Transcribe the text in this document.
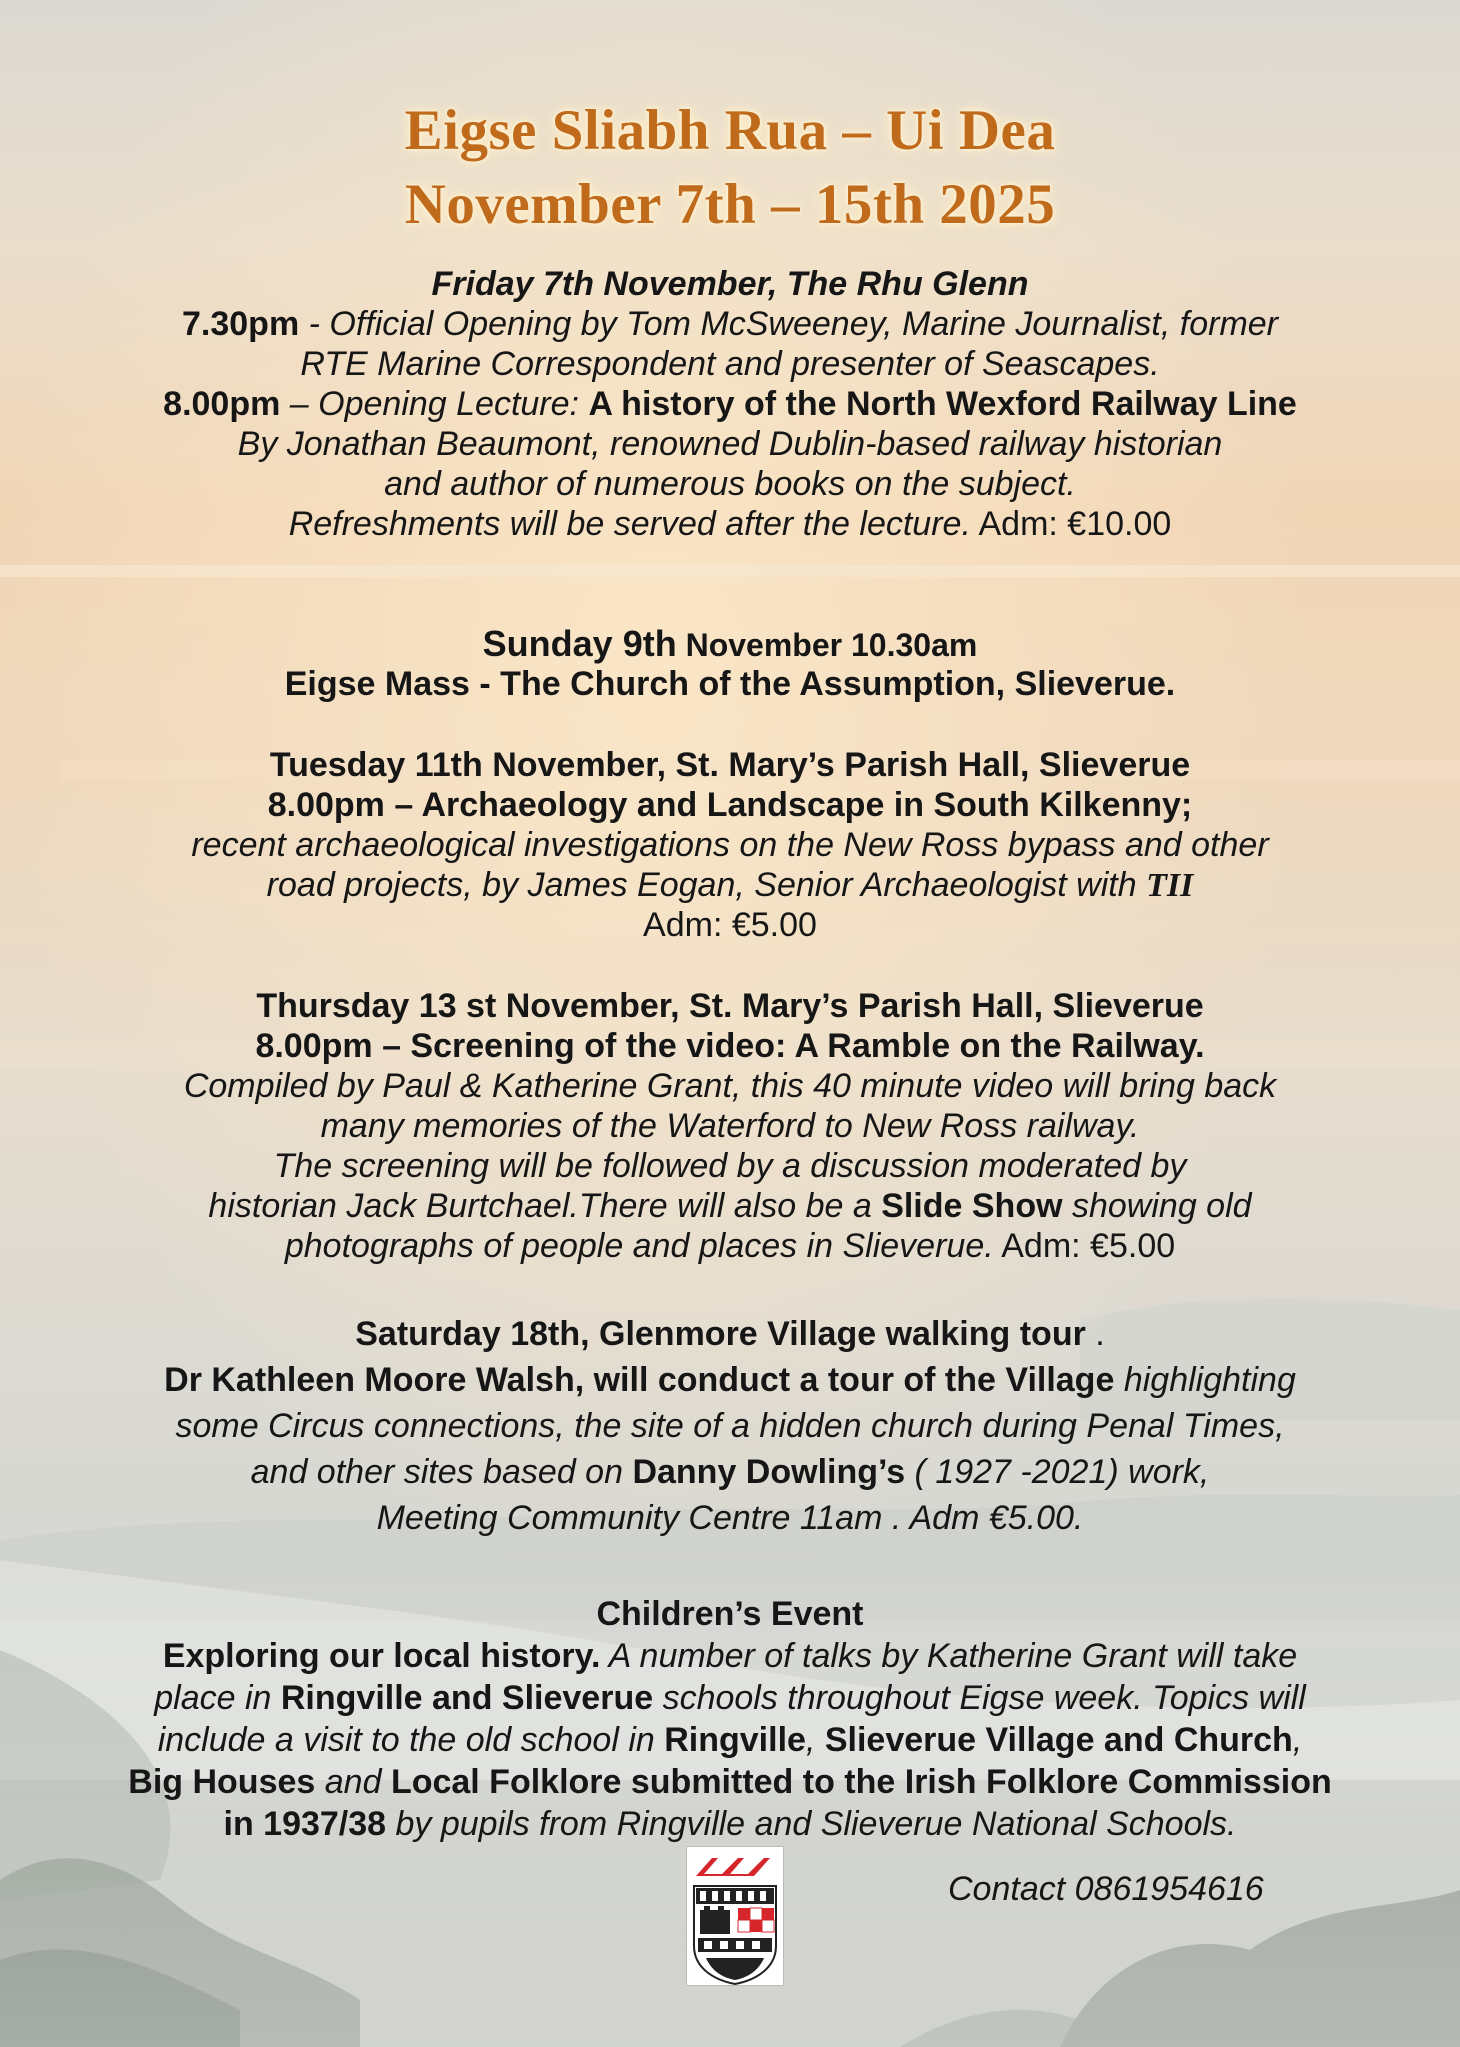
Eigse Sliabh Rua – Ui Dea
November 7th – 15th 2025
Friday 7th November, The Rhu Glenn
7.30pm - Official Opening by Tom McSweeney, Marine Journalist, former
RTE Marine Correspondent and presenter of Seascapes.
8.00pm – Opening Lecture: A history of the North Wexford Railway Line
By Jonathan Beaumont, renowned Dublin-based railway historian
and author of numerous books on the subject.
Refreshments will be served after the lecture. Adm: €10.00
Sunday 9th November 10.30am
Eigse Mass - The Church of the Assumption, Slieverue.
Tuesday 11th November, St. Mary’s Parish Hall, Slieverue
8.00pm – Archaeology and Landscape in South Kilkenny;
recent archaeological investigations on the New Ross bypass and other
road projects, by James Eogan, Senior Archaeologist with TII
Adm: €5.00
Thursday 13 st November, St. Mary’s Parish Hall, Slieverue
8.00pm – Screening of the video: A Ramble on the Railway.
Compiled by Paul & Katherine Grant, this 40 minute video will bring back
many memories of the Waterford to New Ross railway.
The screening will be followed by a discussion moderated by
historian Jack Burtchael.There will also be a Slide Show showing old
photographs of people and places in Slieverue. Adm: €5.00
Saturday 18th, Glenmore Village walking tour .
Dr Kathleen Moore Walsh, will conduct a tour of the Village highlighting
some Circus connections, the site of a hidden church during Penal Times,
and other sites based on Danny Dowling’s ( 1927 -2021) work,
Meeting Community Centre 11am . Adm €5.00.
Children’s Event
Exploring our local history. A number of talks by Katherine Grant will take
place in Ringville and Slieverue schools throughout Eigse week. Topics will
include a visit to the old school in Ringville, Slieverue Village and Church,
Big Houses and Local Folklore submitted to the Irish Folklore Commission
in 1937/38 by pupils from Ringville and Slieverue National Schools.
Contact 0861954616
